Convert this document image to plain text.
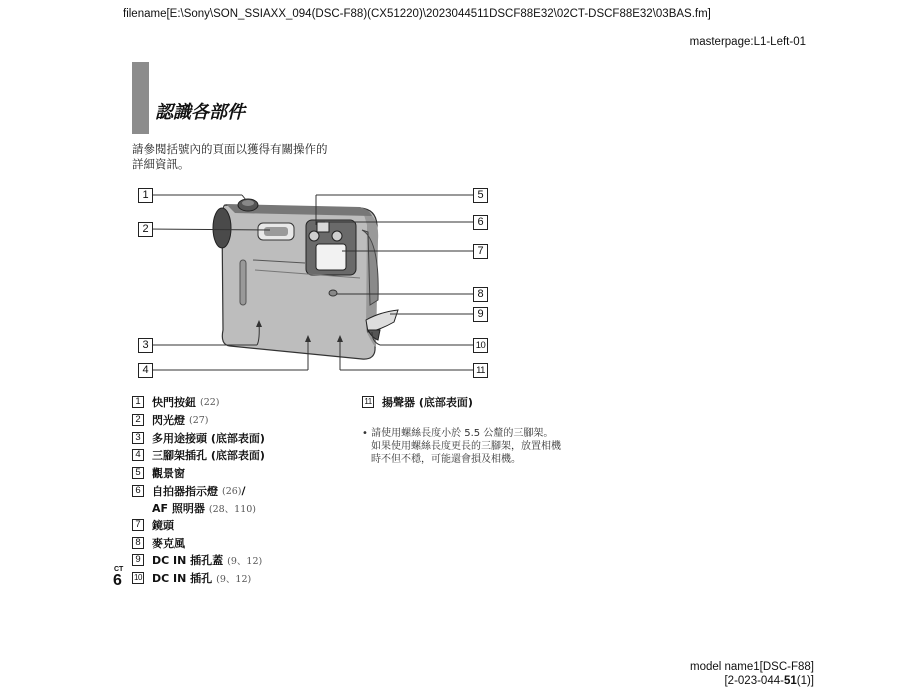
filename[E:\Sony\SON_SSIAXX_094(DSC-F88)(CX51220)\2023044511DSCF88E32\02CT-DSCF88E32\03BAS.fm]
masterpage:L1-Left-01
認識各部件
請參閱括號內的頁面以獲得有關操作的
詳細資訊。
1
2
3
4
5
6
7
8
9
10
11
1 快門按鈕 (22)
2 閃光燈 (27)
3 多用途接頭 (底部表面)
4 三腳架插孔 (底部表面)
5 觀景窗
6 自拍器指示燈 (26)/
AF 照明器 (28、110)
7 鏡頭
8 麥克風
9 DC IN 插孔蓋 (9、12)
10 DC IN 插孔 (9、12)
11 揚聲器 (底部表面)
• 請使用螺絲長度小於 5.5 公釐的三腳架。
如果使用螺絲長度更長的三腳架，放置相機
時不但不穩，可能還會損及相機。
CT
6
model name1[DSC-F88]
[2-023-044-51(1)]
